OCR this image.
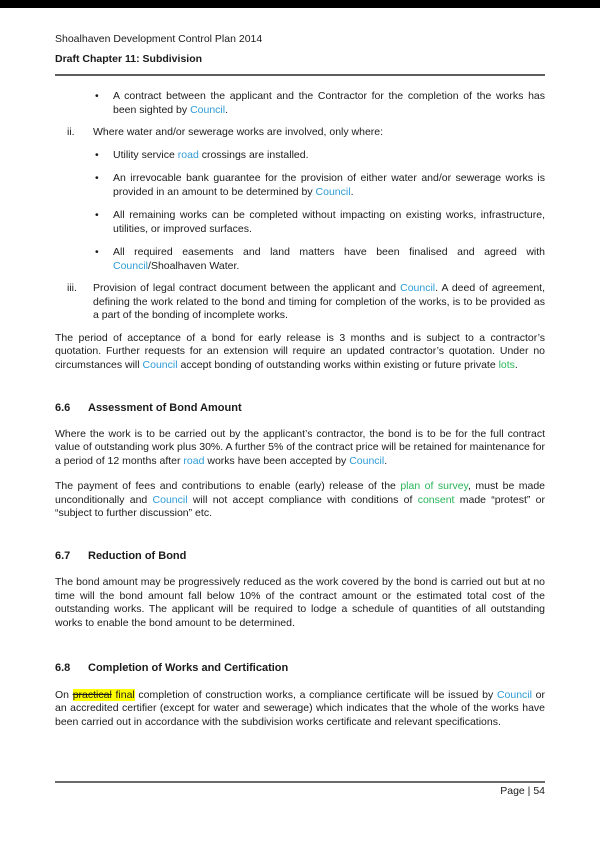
Shoalhaven Development Control Plan 2014
Draft Chapter 11: Subdivision
•	A contract between the applicant and the Contractor for the completion of the works has been sighted by Council.
ii.	Where water and/or sewerage works are involved, only where:
•	Utility service road crossings are installed.
•	An irrevocable bank guarantee for the provision of either water and/or sewerage works is provided in an amount to be determined by Council.
•	All remaining works can be completed without impacting on existing works, infrastructure, utilities, or improved surfaces.
•	All required easements and land matters have been finalised and agreed with Council/Shoalhaven Water.
iii.	Provision of legal contract document between the applicant and Council. A deed of agreement, defining the work related to the bond and timing for completion of the works, is to be provided as a part of the bonding of incomplete works.
The period of acceptance of a bond for early release is 3 months and is subject to a contractor’s quotation. Further requests for an extension will require an updated contractor’s quotation. Under no circumstances will Council accept bonding of outstanding works within existing or future private lots.
6.6	Assessment of Bond Amount
Where the work is to be carried out by the applicant’s contractor, the bond is to be for the full contract value of outstanding work plus 30%. A further 5% of the contract price will be retained for maintenance for a period of 12 months after road works have been accepted by Council.
The payment of fees and contributions to enable (early) release of the plan of survey, must be made unconditionally and Council will not accept compliance with conditions of consent made “protest” or “subject to further discussion” etc.
6.7	Reduction of Bond
The bond amount may be progressively reduced as the work covered by the bond is carried out but at no time will the bond amount fall below 10% of the contract amount or the estimated total cost of the outstanding works. The applicant will be required to lodge a schedule of quantities of all outstanding works to enable the bond amount to be determined.
6.8	Completion of Works and Certification
On practical final completion of construction works, a compliance certificate will be issued by Council or an accredited certifier (except for water and sewerage) which indicates that the whole of the works have been carried out in accordance with the subdivision works certificate and relevant specifications.
Page | 54
